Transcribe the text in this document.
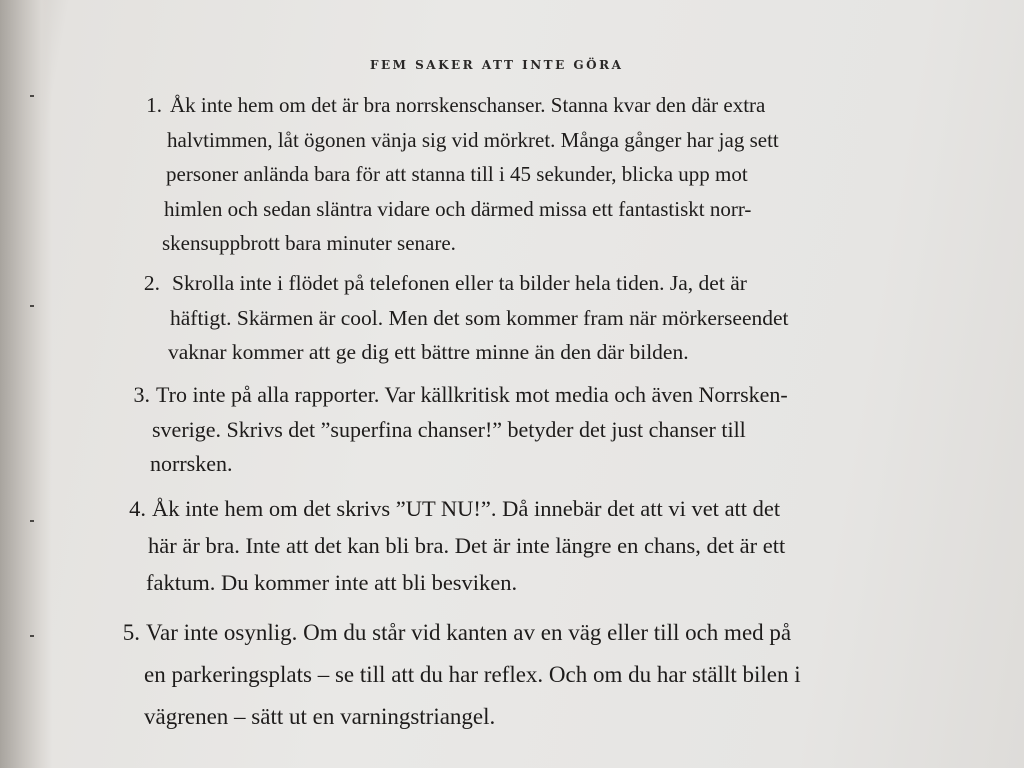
FEM SAKER ATT INTE GÖRA
1. Åk inte hem om det är bra norrskenschanser. Stanna kvar den där extra
halvtimmen, låt ögonen vänja sig vid mörkret. Många gånger har jag sett
personer anlända bara för att stanna till i 45 sekunder, blicka upp mot
himlen och sedan släntra vidare och därmed missa ett fantastiskt norr-
skensuppbrott bara minuter senare.
2. Skrolla inte i flödet på telefonen eller ta bilder hela tiden. Ja, det är
häftigt. Skärmen är cool. Men det som kommer fram när mörkerseendet
vaknar kommer att ge dig ett bättre minne än den där bilden.
3. Tro inte på alla rapporter. Var källkritisk mot media och även Norrsken-
sverige. Skrivs det ”superfina chanser!” betyder det just chanser till
norrsken.
4. Åk inte hem om det skrivs ”UT NU!”. Då innebär det att vi vet att det
här är bra. Inte att det kan bli bra. Det är inte längre en chans, det är ett
faktum. Du kommer inte att bli besviken.
5. Var inte osynlig. Om du står vid kanten av en väg eller till och med på
en parkeringsplats – se till att du har reflex. Och om du har ställt bilen i
vägrenen – sätt ut en varningstriangel.
